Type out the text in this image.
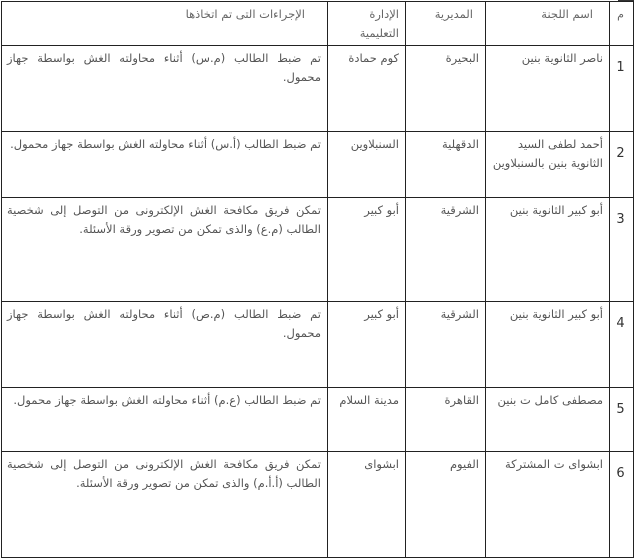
م	اسم اللجنة	المديرية	الإدارة التعليمية	الإجراءات التى تم اتخاذها
1	ناصر الثانوية بنين	البحيرة	كوم حمادة	تم ضبط الطالب (م.س) أثناء محاولته الغش بواسطة جهاز محمول.
2	أحمد لطفى السيد الثانوية بنين بالسنبلاوين	الدقهلية	السنبلاوين	تم ضبط الطالب (أ.س) أثناء محاولته الغش بواسطة جهاز محمول.
3	أبو كبير الثانوية بنين	الشرقية	أبو كبير	تمكن فريق مكافحة الغش الإلكترونى من التوصل إلى شخصية الطالب (م.ع) والذى تمكن من تصوير ورقة الأسئلة.
4	أبو كبير الثانوية بنين	الشرقية	أبو كبير	تم ضبط الطالب (م.ص) أثناء محاولته الغش بواسطة جهاز محمول.
5	مصطفى كامل ت بنين	القاهرة	مدينة السلام	تم ضبط الطالب (ع.م) أثناء محاولته الغش بواسطة جهاز محمول.
6	ابشواى ت المشتركة	الفيوم	ابشواى	تمكن فريق مكافحة الغش الإلكترونى من التوصل إلى شخصية الطالب (أ.أ.م) والذى تمكن من تصوير ورقة الأسئلة.
